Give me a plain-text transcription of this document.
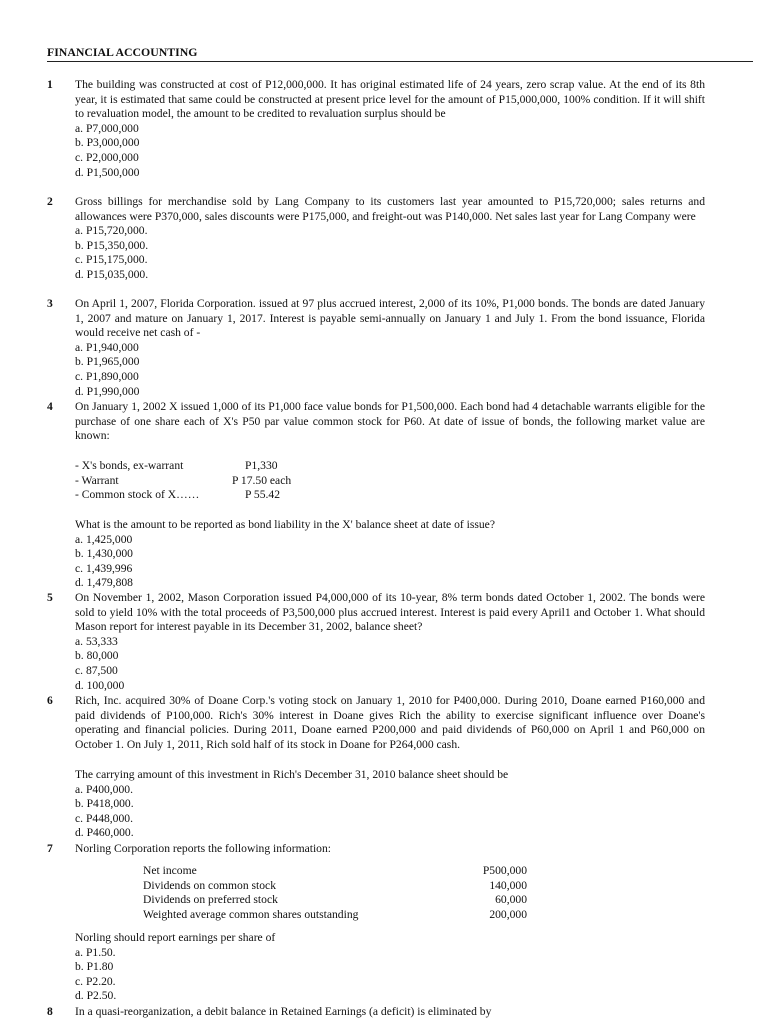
FINANCIAL ACCOUNTING
1	The building was constructed at cost of P12,000,000. It has original estimated life of 24 years, zero scrap value. At the end of its 8th year, it is estimated that same could be constructed at present price level for the amount of P15,000,000, 100% condition. If it will shift to revaluation model, the amount to be credited to revaluation surplus should be
a. P7,000,000
b. P3,000,000
c. P2,000,000
d. P1,500,000
2	Gross billings for merchandise sold by Lang Company to its customers last year amounted to P15,720,000; sales returns and allowances were P370,000, sales discounts were P175,000, and freight-out was P140,000. Net sales last year for Lang Company were
a. P15,720,000.
b. P15,350,000.
c. P15,175,000.
d. P15,035,000.
3	On April 1, 2007, Florida Corporation. issued at 97 plus accrued interest, 2,000 of its 10%, P1,000 bonds. The bonds are dated January 1, 2007 and mature on January 1, 2017. Interest is payable semi-annually on January 1 and July 1. From the bond issuance, Florida would receive net cash of -
a. P1,940,000
b. P1,965,000
c. P1,890,000
d. P1,990,000
4	On January 1, 2002 X issued 1,000 of its P1,000 face value bonds for P1,500,000. Each bond had 4 detachable warrants eligible for the purchase of one share each of X's P50 par value common stock for P60. At date of issue of bonds, the following market value are known:
- X's bonds, ex-warrant	P1,330
- Warrant	P 17.50 each
- Common stock of X……	P 55.42
What is the amount to be reported as bond liability in the X' balance sheet at date of issue?
a. 1,425,000
b. 1,430,000
c. 1,439,996
d. 1,479,808
5	On November 1, 2002, Mason Corporation issued P4,000,000 of its 10-year, 8% term bonds dated October 1, 2002. The bonds were sold to yield 10% with the total proceeds of P3,500,000 plus accrued interest. Interest is paid every April1 and October 1. What should Mason report for interest payable in its December 31, 2002, balance sheet?
a. 53,333
b. 80,000
c. 87,500
d. 100,000
6	Rich, Inc. acquired 30% of Doane Corp.'s voting stock on January 1, 2010 for P400,000. During 2010, Doane earned P160,000 and paid dividends of P100,000. Rich's 30% interest in Doane gives Rich the ability to exercise significant influence over Doane's operating and financial policies. During 2011, Doane earned P200,000 and paid dividends of P60,000 on April 1 and P60,000 on October 1. On July 1, 2011, Rich sold half of its stock in Doane for P264,000 cash.
The carrying amount of this investment in Rich's December 31, 2010 balance sheet should be
a. P400,000.
b. P418,000.
c. P448,000.
d. P460,000.
7	Norling Corporation reports the following information:
Net income	P500,000
Dividends on common stock	140,000
Dividends on preferred stock	60,000
Weighted average common shares outstanding	200,000
Norling should report earnings per share of
a. P1.50.
b. P1.80
c. P2.20.
d. P2.50.
8	In a quasi-reorganization, a debit balance in Retained Earnings (a deficit) is eliminated by
